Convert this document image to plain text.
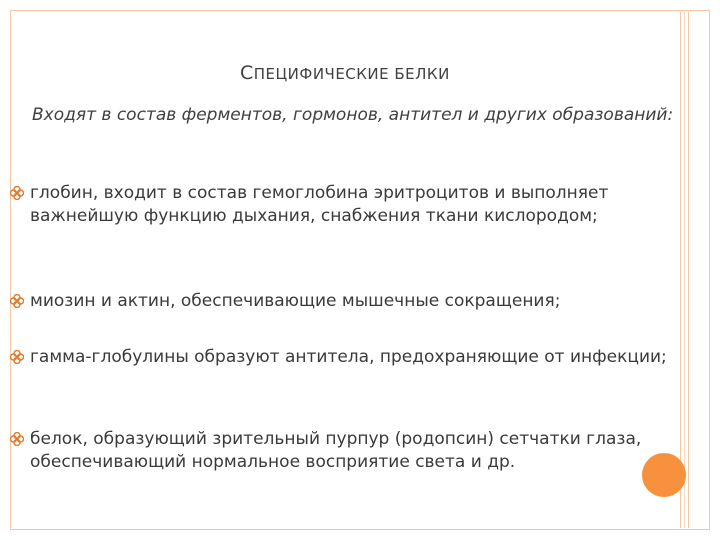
СПЕЦИФИЧЕСКИЕ БЕЛКИ
Входят в состав ферментов, гормонов, антител и других образований:
глобин, входит в состав гемоглобина эритроцитов и выполняет важнейшую функцию дыхания, снабжения ткани кислородом;
миозин и актин, обеспечивающие мышечные сокращения;
гамма-глобулины образуют антитела, предохраняющие от инфекции;
белок, образующий зрительный пурпур (родопсин) сетчатки глаза, обеспечивающий нормальное восприятие света и др.
